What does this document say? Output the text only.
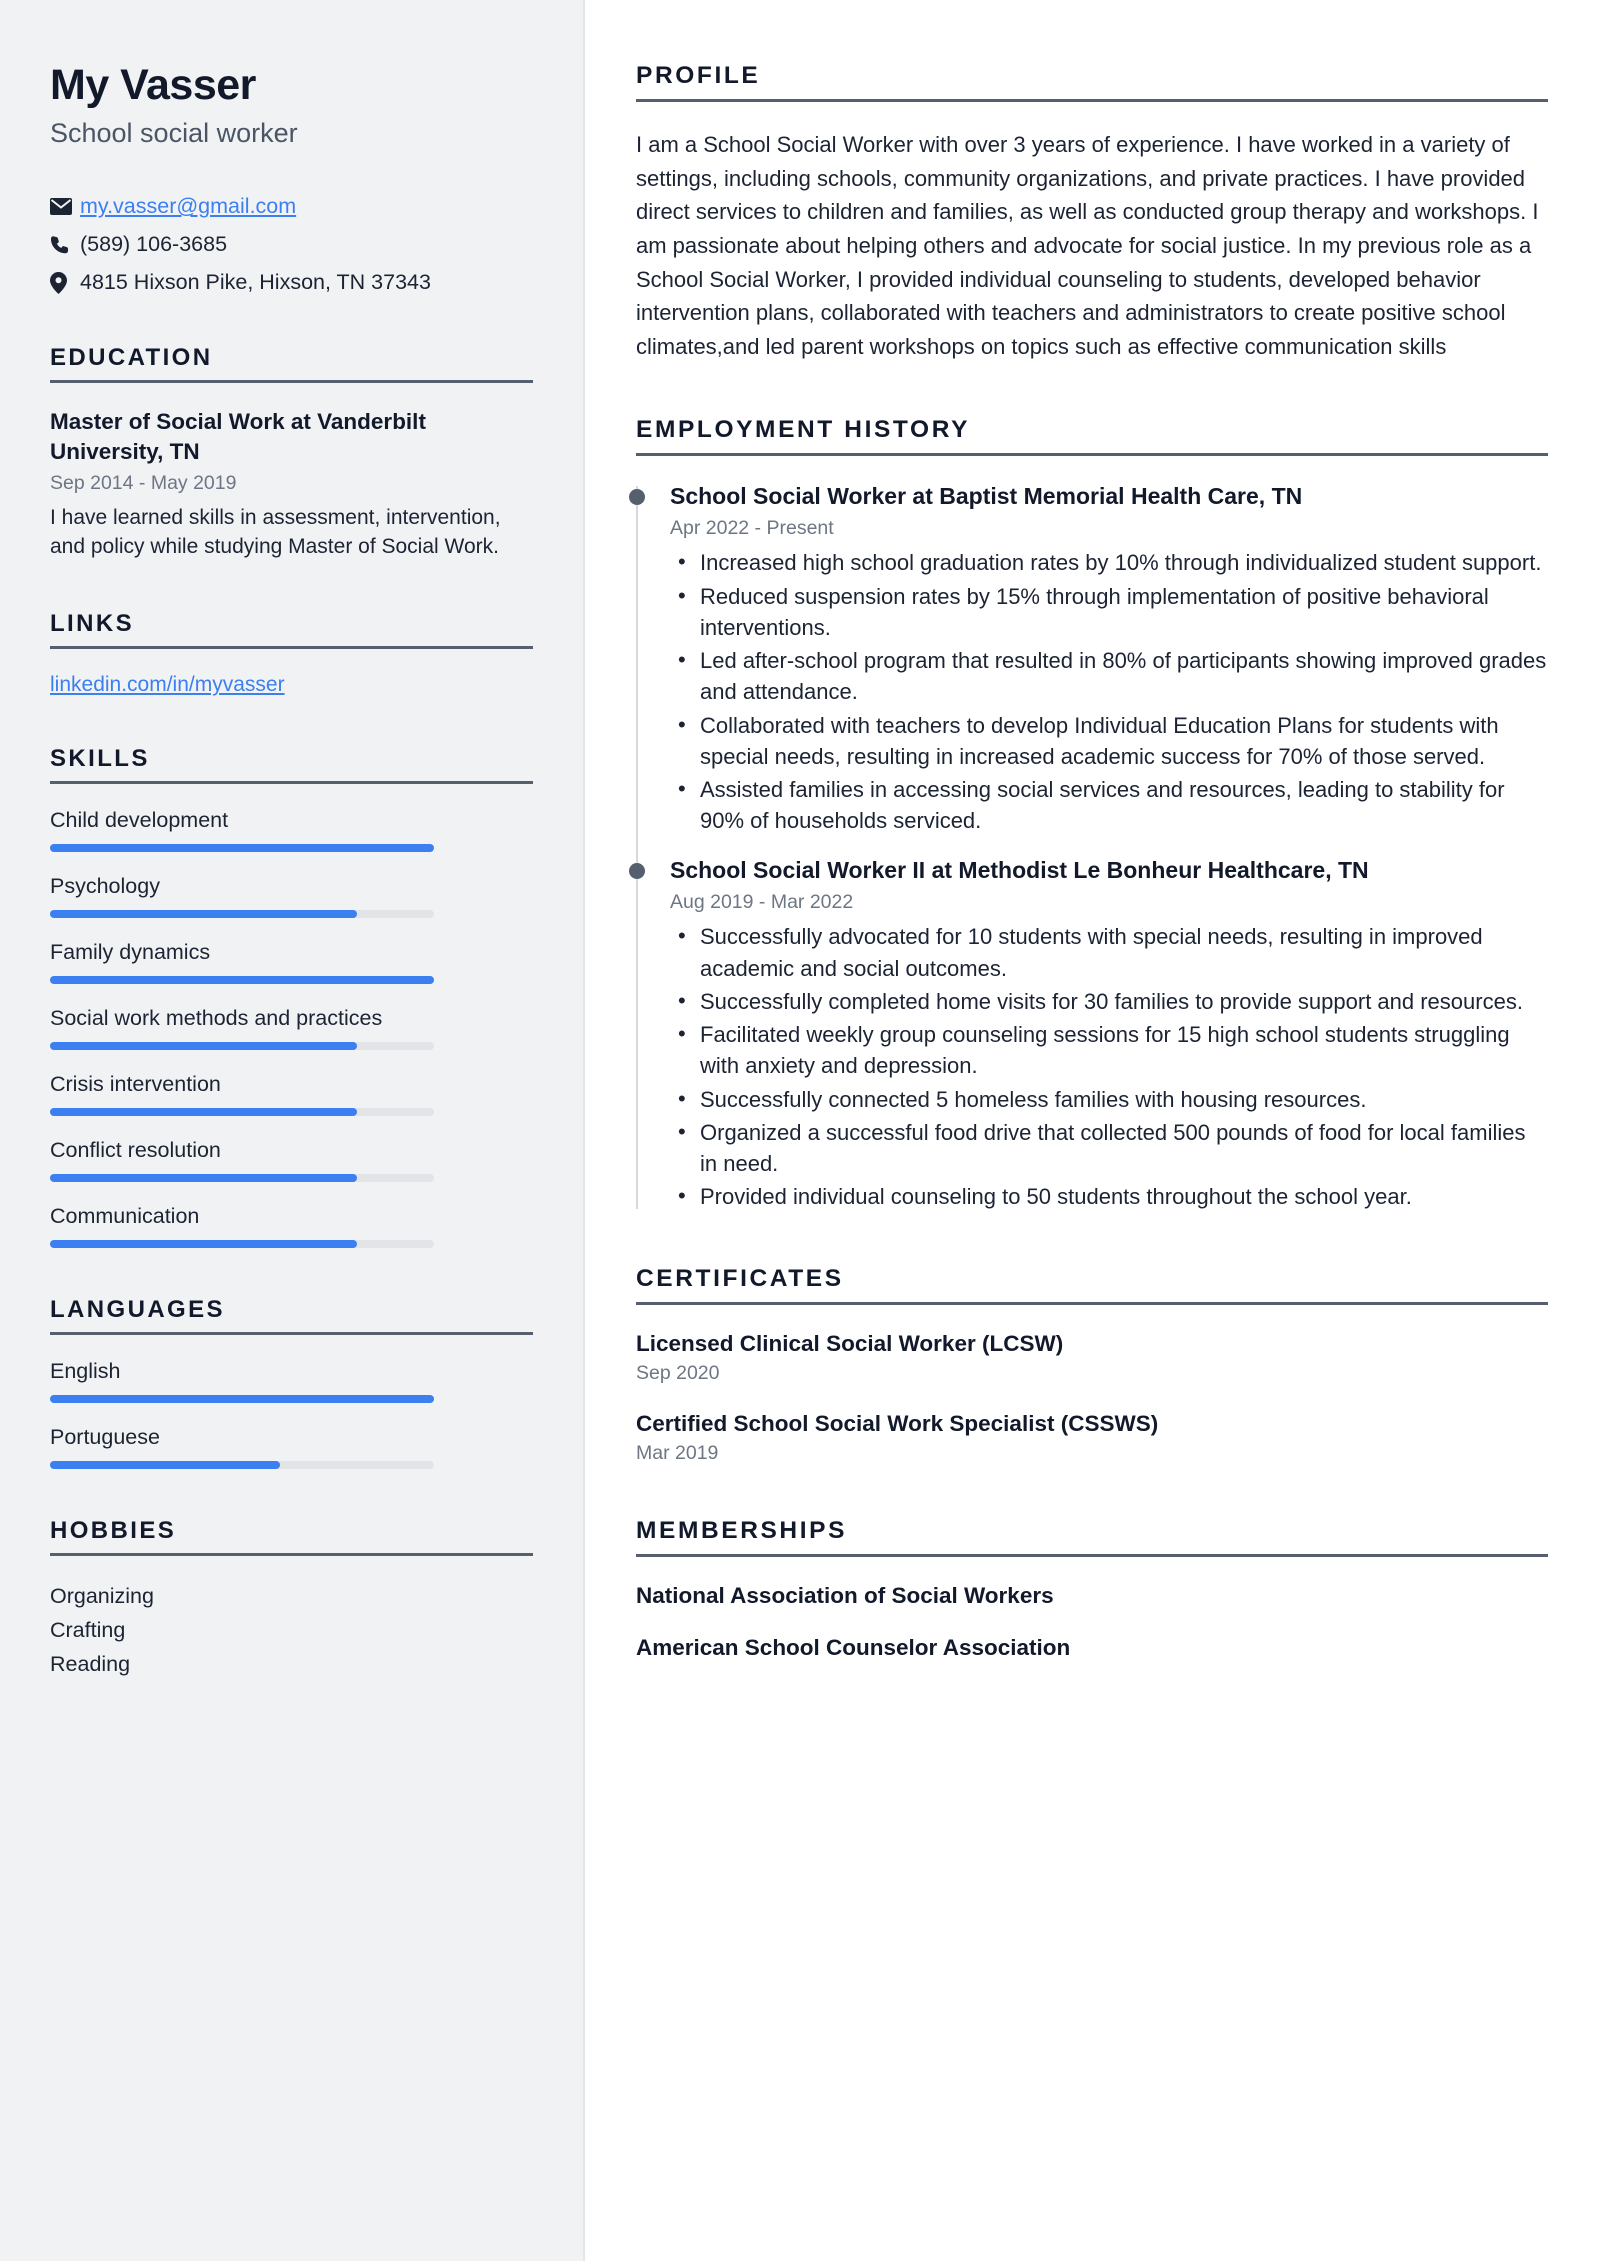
My Vasser
School social worker
my.vasser@gmail.com
(589) 106-3685
4815 Hixson Pike, Hixson, TN 37343
EDUCATION
Master of Social Work at Vanderbilt University, TN
Sep 2014 - May 2019
I have learned skills in assessment, intervention, and policy while studying Master of Social Work.
LINKS
linkedin.com/in/myvasser
SKILLS
Child development
Psychology
Family dynamics
Social work methods and practices
Crisis intervention
Conflict resolution
Communication
LANGUAGES
English
Portuguese
HOBBIES
Organizing
Crafting
Reading
PROFILE

I am a School Social Worker with over 3 years of experience. I have worked in a variety of settings, including schools, community organizations, and private practices. I have provided direct services to children and families, as well as conducted group therapy and workshops. I am passionate about helping others and advocate for social justice. In my previous role as a School Social Worker, I provided individual counseling to students, developed behavior intervention plans, collaborated with teachers and administrators to create positive school climates,and led parent workshops on topics such as effective communication skills

EMPLOYMENT HISTORY
School Social Worker at Baptist Memorial Health Care, TN
Apr 2022 - Present
• Increased high school graduation rates by 10% through individualized student support.
• Reduced suspension rates by 15% through implementation of positive behavioral interventions.
• Led after-school program that resulted in 80% of participants showing improved grades and attendance.
• Collaborated with teachers to develop Individual Education Plans for students with special needs, resulting in increased academic success for 70% of those served.
• Assisted families in accessing social services and resources, leading to stability for 90% of households serviced.
School Social Worker II at Methodist Le Bonheur Healthcare, TN
Aug 2019 - Mar 2022
• Successfully advocated for 10 students with special needs, resulting in improved academic and social outcomes.
• Successfully completed home visits for 30 families to provide support and resources.
• Facilitated weekly group counseling sessions for 15 high school students struggling with anxiety and depression.
• Successfully connected 5 homeless families with housing resources.
• Organized a successful food drive that collected 500 pounds of food for local families in need.
• Provided individual counseling to 50 students throughout the school year.
CERTIFICATES
Licensed Clinical Social Worker (LCSW)
Sep 2020
Certified School Social Work Specialist (CSSWS)
Mar 2019
MEMBERSHIPS
National Association of Social Workers
American School Counselor Association
